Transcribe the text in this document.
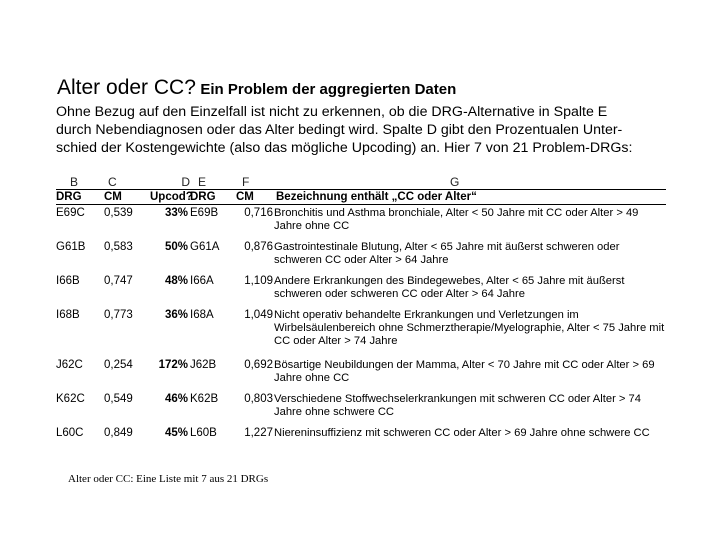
Alter oder CC? Ein Problem der aggregierten Daten
Ohne Bezug auf den Einzelfall ist nicht zu erkennen, ob die DRG-Alternative in Spalte E
durch Nebendiagnosen oder das Alter bedingt wird. Spalte D gibt den Prozentualen Unter-
schied der Kostengewichte (also das mögliche Upcoding) an. Hier 7 von 21 Problem-DRGs:
B	C	D	E	F	G
DRG	CM	Upcod?	DRG	CM	Bezeichnung enthält „CC oder Alter“
E69C	0,539	33%	E69B	0,716	Bronchitis und Asthma bronchiale, Alter < 50 Jahre mit CC oder Alter > 49 Jahre ohne CC
G61B	0,583	50%	G61A	0,876	Gastrointestinale Blutung, Alter < 65 Jahre mit äußerst schweren oder schweren CC oder Alter > 64 Jahre
I66B	0,747	48%	I66A	1,109	Andere Erkrankungen des Bindegewebes, Alter < 65 Jahre mit äußerst schweren oder schweren CC oder Alter > 64 Jahre
I68B	0,773	36%	I68A	1,049	Nicht operativ behandelte Erkrankungen und Verletzungen im Wirbelsäulenbereich ohne Schmerztherapie/Myelographie, Alter < 75 Jahre mit CC oder Alter > 74 Jahre
J62C	0,254	172%	J62B	0,692	Bösartige Neubildungen der Mamma, Alter < 70 Jahre mit CC oder Alter > 69 Jahre ohne CC
K62C	0,549	46%	K62B	0,803	Verschiedene Stoffwechselerkrankungen mit schweren CC oder Alter > 74 Jahre ohne schwere CC
L60C	0,849	45%	L60B	1,227	Niereninsuffizienz mit schweren CC oder Alter > 69 Jahre ohne schwere CC
Alter oder CC: Eine Liste mit 7 aus 21 DRGs
